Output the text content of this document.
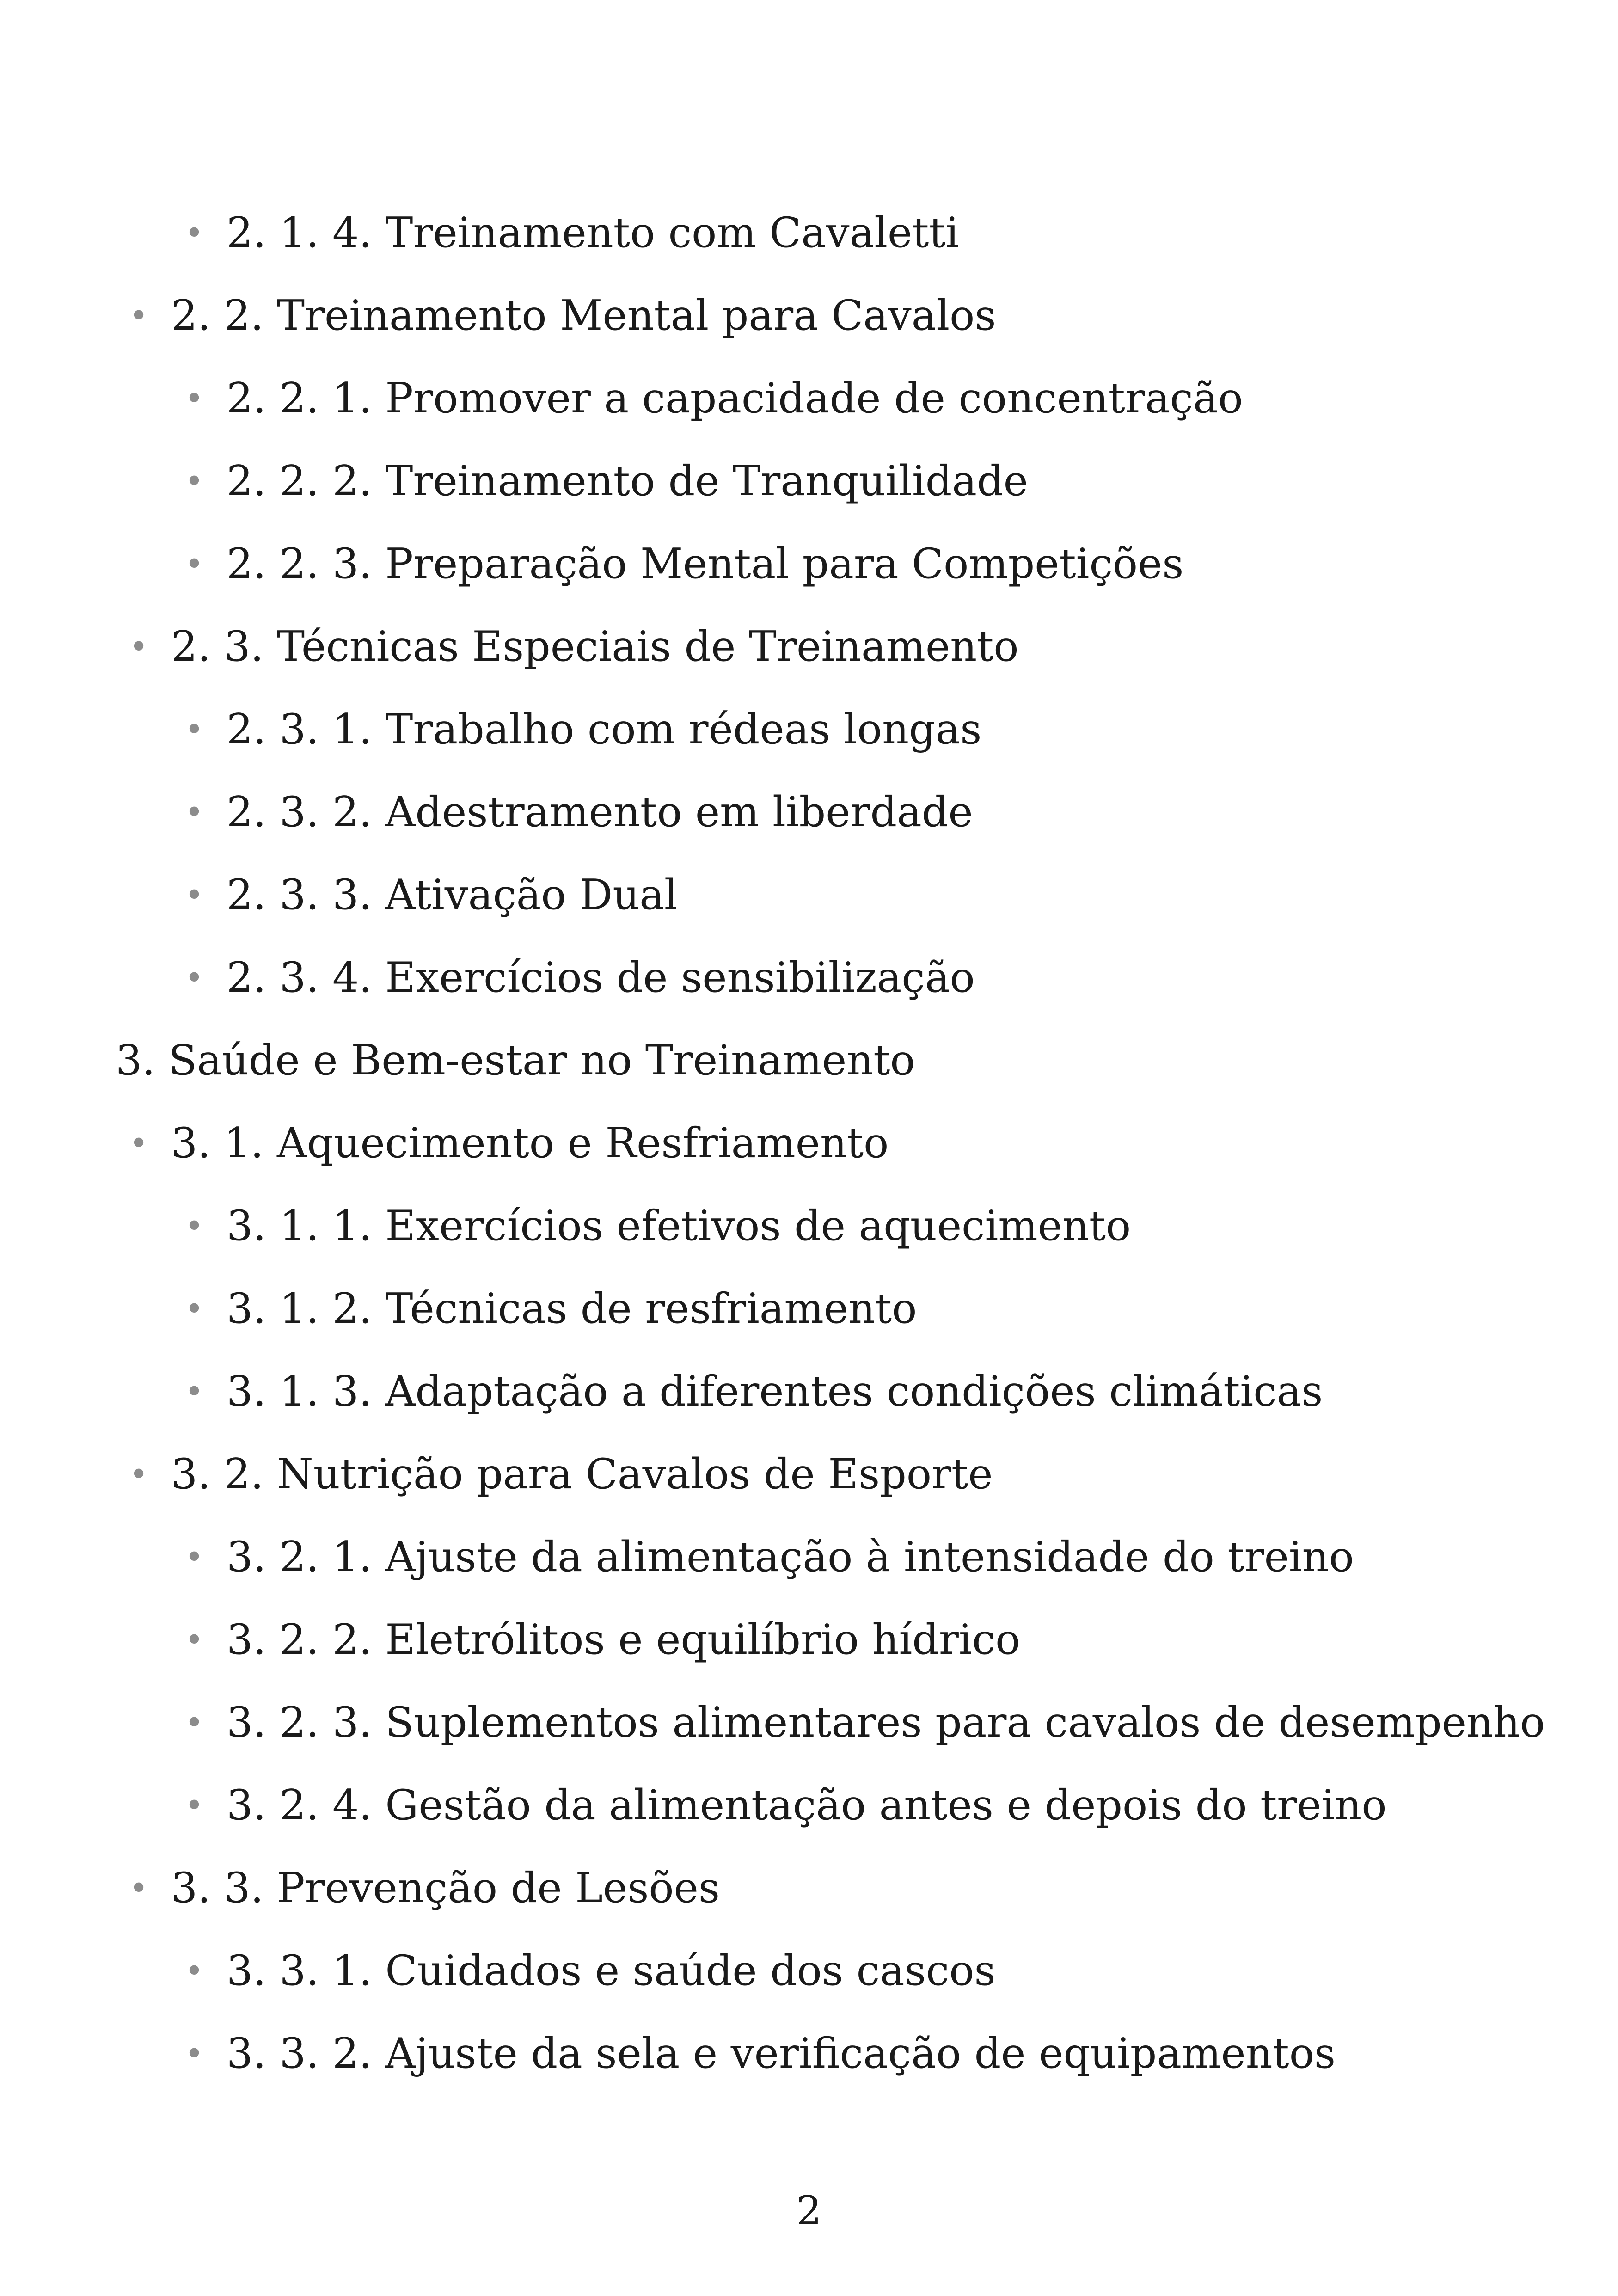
• 2. 1. 4. Treinamento com Cavaletti
• 2. 2. Treinamento Mental para Cavalos
• 2. 2. 1. Promover a capacidade de concentração
• 2. 2. 2. Treinamento de Tranquilidade
• 2. 2. 3. Preparação Mental para Competições
• 2. 3. Técnicas Especiais de Treinamento
• 2. 3. 1. Trabalho com rédeas longas
• 2. 3. 2. Adestramento em liberdade
• 2. 3. 3. Ativação Dual
• 2. 3. 4. Exercícios de sensibilização
3. Saúde e Bem-estar no Treinamento
• 3. 1. Aquecimento e Resfriamento
• 3. 1. 1. Exercícios efetivos de aquecimento
• 3. 1. 2. Técnicas de resfriamento
• 3. 1. 3. Adaptação a diferentes condições climáticas
• 3. 2. Nutrição para Cavalos de Esporte
• 3. 2. 1. Ajuste da alimentação à intensidade do treino
• 3. 2. 2. Eletrólitos e equilíbrio hídrico
• 3. 2. 3. Suplementos alimentares para cavalos de desempenho
• 3. 2. 4. Gestão da alimentação antes e depois do treino
• 3. 3. Prevenção de Lesões
• 3. 3. 1. Cuidados e saúde dos cascos
• 3. 3. 2. Ajuste da sela e verificação de equipamentos
2
